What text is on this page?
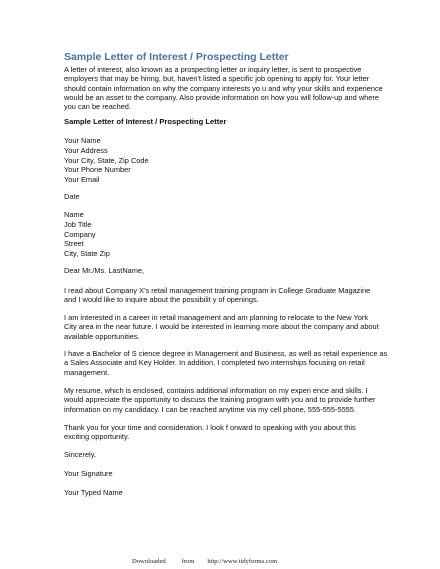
Sample Letter of Interest / Prospecting Letter
A letter of interest, also known as a prospecting letter or inquiry letter, is sent to prospective
employers that may be hiring, but, haven't listed a specific job opening to apply for. Your letter
should contain information on why the company interests yo u and why your skills and experience
would be an asset to the company. Also provide information on how you will follow-up and where
you can be reached.
Sample Letter of Interest / Prospecting Letter
Your Name
Your Address
Your City, State, Zip Code
Your Phone Number
Your Email
Date
Name
Job Title
Company
Street
City, State Zip
Dear Mr./Ms. LastName,
I read about Company X's retail management training program in College Graduate Magazine
and I would like to inquire about the possibilit y of openings.
I am interested in a career in retail management and am planning to relocate to the New York
City area in the near future. I would be interested in learning more about the company and about
available opportunities.
I have a Bachelor of S cience degree in Management and Business, as well as retail experience as
a Sales Associate and Key Holder. In addition, I completed two internships focusing on retail
management.
My resume, which is enclosed, contains additional information on my experi ence and skills. I
would appreciate the opportunity to discuss the training program with you and to provide further
information on my candidacy. I can be reached anytime via my cell phone, 555-555-5555.
Thank you for your time and consideration. I look f orward to speaking with you about this
exciting opportunity.
Sincerely,
Your Signature
Your Typed Name
Downloaded from http://www.tidyforms.com
